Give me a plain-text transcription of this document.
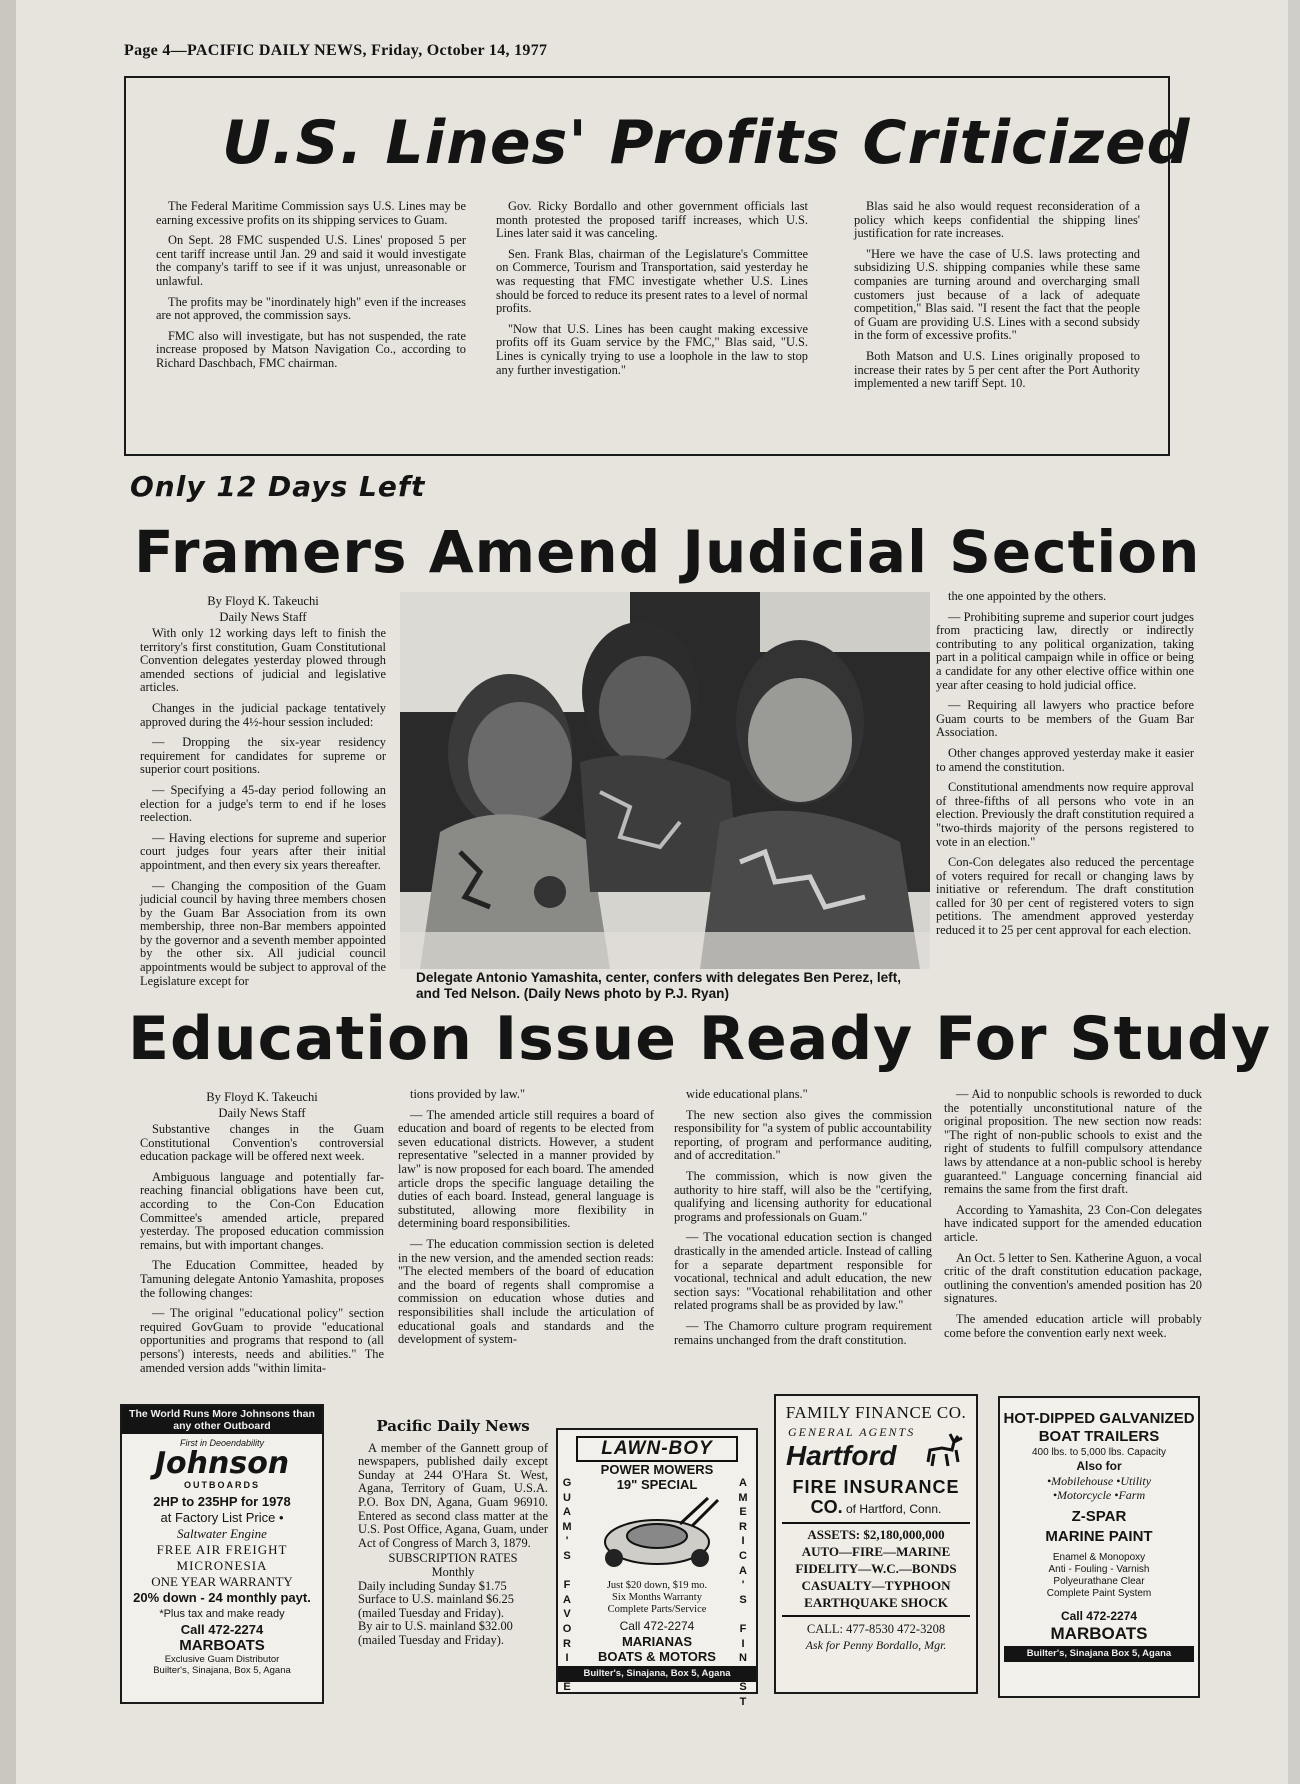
Page 4—PACIFIC DAILY NEWS, Friday, October 14, 1977
U.S. Lines' Profits Criticized

The Federal Maritime Commission says U.S. Lines may be earning excessive profits on its shipping services to Guam.

On Sept. 28 FMC suspended U.S. Lines' proposed 5 per cent tariff increase until Jan. 29 and said it would investigate the company's tariff to see if it was unjust, unreasonable or unlawful.

The profits may be "inordinately high" even if the increases are not approved, the commission says.

FMC also will investigate, but has not suspended, the rate increase proposed by Matson Navigation Co., according to Richard Daschbach, FMC chairman.

Gov. Ricky Bordallo and other government officials last month protested the proposed tariff increases, which U.S. Lines later said it was canceling.

Sen. Frank Blas, chairman of the Legislature's Committee on Commerce, Tourism and Transportation, said yesterday he was requesting that FMC investigate whether U.S. Lines should be forced to reduce its present rates to a level of normal profits.

"Now that U.S. Lines has been caught making excessive profits off its Guam service by the FMC," Blas said, "U.S. Lines is cynically trying to use a loophole in the law to stop any further investigation."

Blas said he also would request reconsideration of a policy which keeps confidential the shipping lines' justification for rate increases.

"Here we have the case of U.S. laws protecting and subsidizing U.S. shipping companies while these same companies are turning around and overcharging small customers just because of a lack of adequate competition," Blas said. "I resent the fact that the people of Guam are providing U.S. Lines with a second subsidy in the form of excessive profits."

Both Matson and U.S. Lines originally proposed to increase their rates by 5 per cent after the Port Authority implemented a new tariff Sept. 10.

Only 12 Days Left
Framers Amend Judicial Section
By Floyd K. Takeuchi
Daily News Staff

With only 12 working days left to finish the territory's first constitution, Guam Constitutional Convention delegates yesterday plowed through amended sections of judicial and legislative articles.

Changes in the judicial package tentatively approved during the 4½-hour session included:

— Dropping the six-year residency requirement for candidates for supreme or superior court positions.

— Specifying a 45-day period following an election for a judge's term to end if he loses reelection.

— Having elections for supreme and superior court judges four years after their initial appointment, and then every six years thereafter.

— Changing the composition of the Guam judicial council by having three members chosen by the Guam Bar Association from its own membership, three non-Bar members appointed by the governor and a seventh member appointed by the other six. All judicial council appointments would be subject to approval of the Legislature except for	Delegate Antonio Yamashita, center, confers with delegates Ben Perez, left, and Ted Nelson. (Daily News photo by P.J. Ryan)

the one appointed by the others.

— Prohibiting supreme and superior court judges from practicing law, directly or indirectly contributing to any political organization, taking part in a political campaign while in office or being a candidate for any other elective office within one year after ceasing to hold judicial office.

— Requiring all lawyers who practice before Guam courts to be members of the Guam Bar Association.

Other changes approved yesterday make it easier to amend the constitution.

Constitutional amendments now require approval of three-fifths of all persons who vote in an election. Previously the draft constitution required a "two-thirds majority of the persons registered to vote in an election."

Con-Con delegates also reduced the percentage of voters required for recall or changing laws by initiative or referendum. The draft constitution called for 30 per cent of registered voters to sign petitions. The amendment approved yesterday reduced it to 25 per cent approval for each election.

Education Issue Ready For Study
By Floyd K. Takeuchi
Daily News Staff

Substantive changes in the Guam Constitutional Convention's controversial education package will be offered next week.

Ambiguous language and potentially far-reaching financial obligations have been cut, according to the Con-Con Education Committee's amended article, prepared yesterday. The proposed education commission remains, but with important changes.

The Education Committee, headed by Tamuning delegate Antonio Yamashita, proposes the following changes:

— The original "educational policy" section required GovGuam to provide "educational opportunities and programs that respond to (all persons') interests, needs and abilities." The amended version adds "within limita-

tions provided by law."

— The amended article still requires a board of education and board of regents to be elected from seven educational districts. However, a student representative "selected in a manner provided by law" is now proposed for each board. The amended article drops the specific language detailing the duties of each board. Instead, general language is substituted, allowing more flexibility in determining board responsibilities.

— The education commission section is deleted in the new version, and the amended section reads: "The elected members of the board of education and the board of regents shall compromise a commission on education whose duties and responsibilities shall include the articulation of educational goals and standards and the development of system-

wide educational plans."

The new section also gives the commission responsibility for "a system of public accountability reporting, of program and performance auditing, and of accreditation."

The commission, which is now given the authority to hire staff, will also be the "certifying, qualifying and licensing authority for educational programs and professionals on Guam."

— The vocational education section is changed drastically in the amended article. Instead of calling for a separate department responsible for vocational, technical and adult education, the new section says: "Vocational rehabilitation and other related programs shall be as provided by law."

— The Chamorro culture program requirement remains unchanged from the draft constitution.

— Aid to nonpublic schools is reworded to duck the potentially unconstitutional nature of the original proposition. The new section now reads: "The right of non-public schools to exist and the right of students to fulfill compulsory attendance laws by attendance at a non-public school is hereby guaranteed." Language concerning financial aid remains the same from the first draft.

According to Yamashita, 23 Con-Con delegates have indicated support for the amended education article.

An Oct. 5 letter to Sen. Katherine Aguon, a vocal critic of the draft constitution education package, outlining the convention's amended position has 20 signatures.

The amended education article will probably come before the convention early next week.

The World Runs More Johnsons than any other Outboard
First in Deoendability
Johnson
OUTBOARDS
2HP to 235HP for 1978
at Factory List Price •
Saltwater Engine
FREE AIR FREIGHT
MICRONESIA
ONE YEAR WARRANTY
20% down - 24 monthly payt.
*Plus tax and make ready
Call 472-2274
MARBOATS
Exclusive Guam Distributor
Builter's, Sinajana, Box 5, Agana
Pacific Daily News
A member of the Gannett group of newspapers, published daily except Sunday at 244 O'Hara St. West, Agana, Territory of Guam, U.S.A. P.O. Box DN, Agana, Guam 96910. Entered as second class matter at the U.S. Post Office, Agana, Guam, under Act of Congress of March 3, 1879.
SUBSCRIPTION RATES
Monthly
Daily including Sunday $1.75
Surface to U.S. mainland $6.25
(mailed Tuesday and Friday).
By air to U.S. mainland $32.00
(mailed Tuesday and Friday).
LAWN-BOY
POWER MOWERS
19" SPECIAL
Just $20 down, $19 mo.
Six Months Warranty
Complete Parts/Service
Call 472-2274
MARIANAS
BOATS & MOTORS
Builter's, Sinajana, Box 5, Agana
G
U
A
M
'
S

F
A
V
O
R
I
T
E
A
M
E
R
I
C
A
'
S

F
I
N
E
S
T
FAMILY FINANCE CO.
GENERAL AGENTS
Hartford
FIRE INSURANCE
CO. of Hartford, Conn.
ASSETS: $2,180,000,000
AUTO—FIRE—MARINE
FIDELITY—W.C.—BONDS
CASUALTY—TYPHOON
EARTHQUAKE SHOCK
CALL: 477-8530 472-3208
Ask for Penny Bordallo, Mgr.
HOT-DIPPED GALVANIZED
BOAT TRAILERS
400 lbs. to 5,000 lbs. Capacity
Also for
•Mobilehouse •Utility
•Motorcycle •Farm
Z-SPAR
MARINE PAINT
Enamel & Monopoxy
Anti - Fouling - Varnish
Polyeurathane Clear
Complete Paint System
Call 472-2274
MARBOATS
Builter's, Sinajana Box 5, Agana
